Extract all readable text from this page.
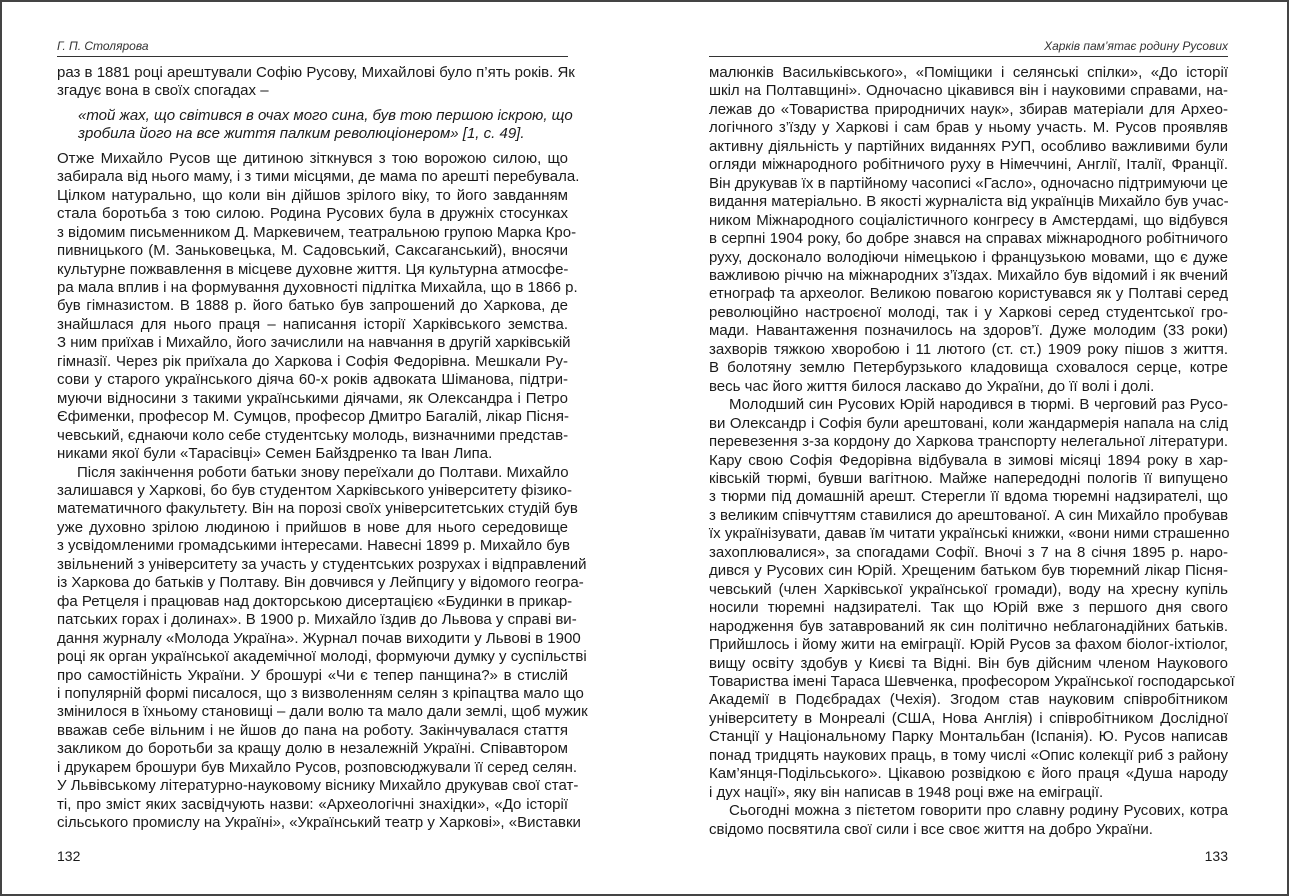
Г. П. Столярова
раз в 1881 році арештували Софію Русову, Михайлові було п’ять років. Як
згадує вона в своїх спогадах –
«той жах, що світився в очах мого сина, був тою першою іскрою, що
зробила його на все життя палким революціонером» [1, с. 49].
Отже Михайло Русов ще дитиною зіткнувся з тою ворожою силою, що
забирала від нього маму, і з тими місцями, де мама по арешті перебувала.
Цілком натурально, що коли він дійшов зрілого віку, то його завданням
стала боротьба з тою силою. Родина Русових була в дружніх стосунках
з відомим письменником Д. Маркевичем, театральною групою Марка Кро-
пивницького (М. Заньковецька, М. Садовський, Саксаганський), вносячи
культурне пожвавлення в місцеве духовне життя. Ця культурна атмосфе-
ра мала вплив і на формування духовності підлітка Михайла, що в 1866 р.
був гімназистом. В 1888 р. його батько був запрошений до Харкова, де
знайшлася для нього праця – написання історії Харківського земства.
З ним приїхав і Михайло, його зачислили на навчання в другій харківській
гімназії. Через рік приїхала до Харкова і Софія Федорівна. Мешкали Ру-
сови у старого українського діяча 60-х років адвоката Шіманова, підтри-
муючи відносини з такими українськими діячами, як Олександра і Петро
Єфименки, професор М. Сумцов, професор Дмитро Багалій, лікар Пісня-
чевський, єднаючи коло себе студентську молодь, визначними представ-
никами якої були «Тарасівці» Семен Байздренко та Іван Липа.
Після закінчення роботи батьки знову переїхали до Полтави. Михайло
залишався у Харкові, бо був студентом Харківського університету фізико-
математичного факультету. Він на порозі своїх університетських студій був
уже духовно зрілою людиною і прийшов в нове для нього середовище
з усвідомленими громадськими інтересами. Навесні 1899 р. Михайло був
звільнений з університету за участь у студентських розрухах і відправлений
із Харкова до батьків у Полтаву. Він довчився у Лейпцигу у відомого геогра-
фа Ретцеля і працював над докторською дисертацією «Будинки в прикар-
патських горах і долинах». В 1900 р. Михайло їздив до Львова у справі ви-
дання журналу «Молода Україна». Журнал почав виходити у Львові в 1900
році як орган української академічної молоді, формуючи думку у суспільстві
про самостійність України. У брошурі «Чи є тепер панщина?» в стислій
і популярній формі писалося, що з визволенням селян з кріпацтва мало що
змінилося в їхньому становищі – дали волю та мало дали землі, щоб мужик
вважав себе вільним і не йшов до пана на роботу. Закінчувалася стаття
закликом до боротьби за кращу долю в незалежній Україні. Співавтором
і друкарем брошури був Михайло Русов, розповсюджували її серед селян.
У Львівському літературно-науковому віснику Михайло друкував свої стат-
ті, про зміст яких засвідчують назви: «Археологічні знахідки», «До історії
сільського промислу на Україні», «Український театр у Харкові», «Виставки
132
Харків пам’ятає родину Русових
малюнків Васильківського», «Поміщики і селянські спілки», «До історії
шкіл на Полтавщині». Одночасно цікавився він і науковими справами, на-
лежав до «Товариства природничих наук», збирав матеріали для Архео-
логічного з’їзду у Харкові і сам брав у ньому участь. М. Русов проявляв
активну діяльність у партійних виданнях РУП, особливо важливими були
огляди міжнародного робітничого руху в Німеччині, Англії, Італії, Франції.
Він друкував їх в партійному часописі «Гасло», одночасно підтримуючи це
видання матеріально. В якості журналіста від українців Михайло був учас-
ником Міжнародного соціалістичного конгресу в Амстердамі, що відбувся
в серпні 1904 року, бо добре знався на справах міжнародного робітничого
руху, досконало володіючи німецькою і французькою мовами, що є дуже
важливою річчю на міжнародних з’їздах. Михайло був відомий і як вчений
етнограф та археолог. Великою повагою користувався як у Полтаві серед
революційно настроєної молоді, так і у Харкові серед студентської гро-
мади. Навантаження позначилось на здоров’ї. Дуже молодим (33 роки)
захворів тяжкою хворобою і 11 лютого (ст. ст.) 1909 року пішов з життя.
В болотяну землю Петербурзького кладовища сховалося серце, котре
весь час його життя билося ласкаво до України, до її волі і долі.
Молодший син Русових Юрій народився в тюрмі. В черговий раз Русо-
ви Олександр і Софія були арештовані, коли жандармерія напала на слід
перевезення з-за кордону до Харкова транспорту нелегальної літератури.
Кару свою Софія Федорівна відбувала в зимові місяці 1894 року в хар-
ківській тюрмі, бувши вагітною. Майже напередодні пологів її випущено
з тюрми під домашній арешт. Стерегли її вдома тюремні надзирателі, що
з великим співчуттям ставилися до арештованої. А син Михайло пробував
їх українізувати, давав їм читати українські книжки, «вони ними страшенно
захоплювалися», за спогадами Софії. Вночі з 7 на 8 січня 1895 р. наро-
дився у Русових син Юрій. Хрещеним батьком був тюремний лікар Пісня-
чевський (член Харківської української громади), воду на хресну купіль
носили тюремні надзирателі. Так що Юрій вже з першого дня свого
народження був затаврований як син політично неблагонадійних батьків.
Прийшлось і йому жити на еміграції. Юрій Русов за фахом біолог-іхтіолог,
вищу освіту здобув у Києві та Відні. Він був дійсним членом Наукового
Товариства імені Тараса Шевченка, професором Української господарської
Академії в Подєбрадах (Чехія). Згодом став науковим співробітником
університету в Монреалі (США, Нова Англія) і співробітником Дослідної
Станції у Національному Парку Монтальбан (Іспанія). Ю. Русов написав
понад тридцять наукових праць, в тому числі «Опис колекції риб з району
Кам’янця-Подільського». Цікавою розвідкою є його праця «Душа народу
і дух нації», яку він написав в 1948 році вже на еміграції.
Сьогодні можна з пієтетом говорити про славну родину Русових, котра
свідомо посвятила свої сили і все своє життя на добро України.
133
